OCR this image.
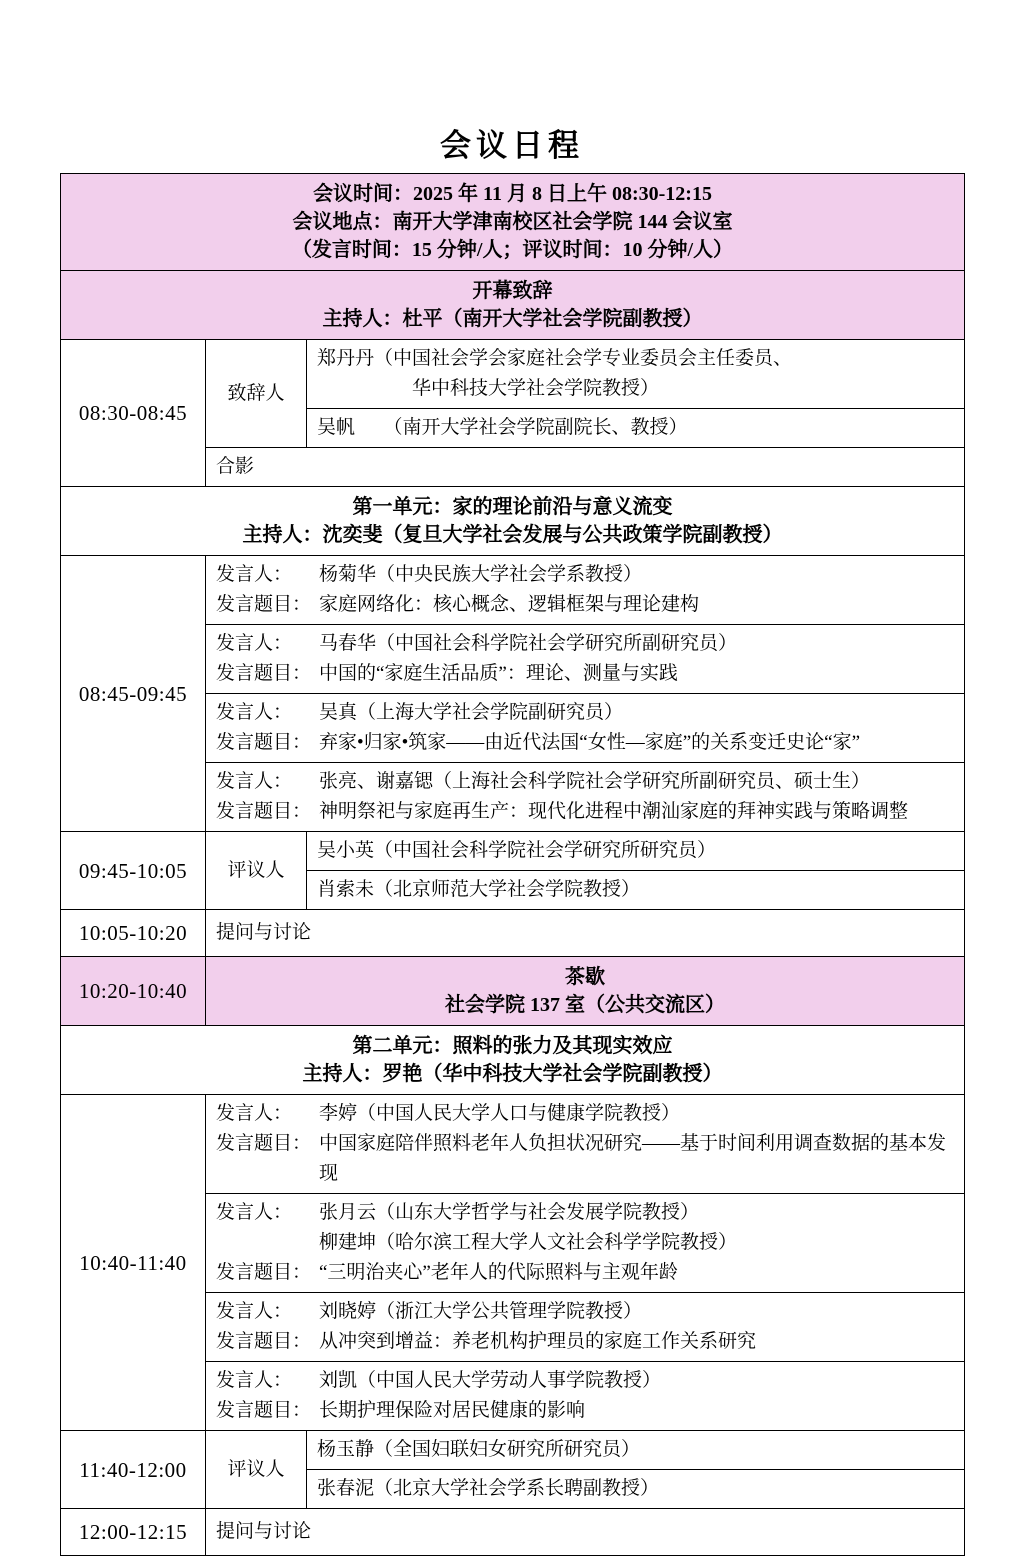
会议日程
会议时间：2025 年 11 月 8 日上午 08:30-12:15
会议地点：南开大学津南校区社会学院 144 会议室
（发言时间：15 分钟/人；评议时间：10 分钟/人）		

开幕致辞
主持人：杜平（南开大学社会学院副教授）		

08:30-08:45	致辞人	郑丹丹（中国社会学会家庭社会学专业委员会主任委员、
华中科技大学社会学院教授）

		吴帆　　（南开大学社会学院副院长、教授）
	合影	

第一单元：家的理论前沿与意义流变
主持人：沈奕斐（复旦大学社会发展与公共政策学院副教授）		

08:45-09:45	发言人： 杨菊华（中央民族大学社会学系教授）
发言题目： 家庭网络化：核心概念、逻辑框架与理论建构	

	发言人： 马春华（中国社会科学院社会学研究所副研究员）
发言题目： 中国的“家庭生活品质”：理论、测量与实践	

	发言人： 吴真（上海大学社会学院副研究员）
发言题目： 弃家•归家•筑家——由近代法国“女性—家庭”的关系变迁史论“家”	

	发言人： 张亮、谢嘉锶（上海社会科学院社会学研究所副研究员、硕士生）
发言题目： 神明祭祀与家庭再生产：现代化进程中潮汕家庭的拜神实践与策略调整	

09:45-10:05	评议人	吴小英（中国社会科学院社会学研究所研究员）
		肖索未（北京师范大学社会学院教授）
10:05-10:20	提问与讨论	
10:20-10:40	茶歇
社会学院 137 室（公共交流区）	

第二单元：照料的张力及其现实效应
主持人：罗艳（华中科技大学社会学院副教授）		

10:40-11:40	发言人： 李婷（中国人民大学人口与健康学院教授）
发言题目： 中国家庭陪伴照料老年人负担状况研究——基于时间利用调查数据的基本发现	

	发言人： 张月云（山东大学哲学与社会发展学院教授）
柳建坤（哈尔滨工程大学人文社会科学学院教授）
发言题目： “三明治夹心”老年人的代际照料与主观年龄	

	发言人： 刘晓婷（浙江大学公共管理学院教授）
发言题目： 从冲突到增益：养老机构护理员的家庭工作关系研究	

	发言人： 刘凯（中国人民大学劳动人事学院教授）
发言题目： 长期护理保险对居民健康的影响	

11:40-12:00	评议人	杨玉静（全国妇联妇女研究所研究员）
		张春泥（北京大学社会学系长聘副教授）
12:00-12:15	提问与讨论	
